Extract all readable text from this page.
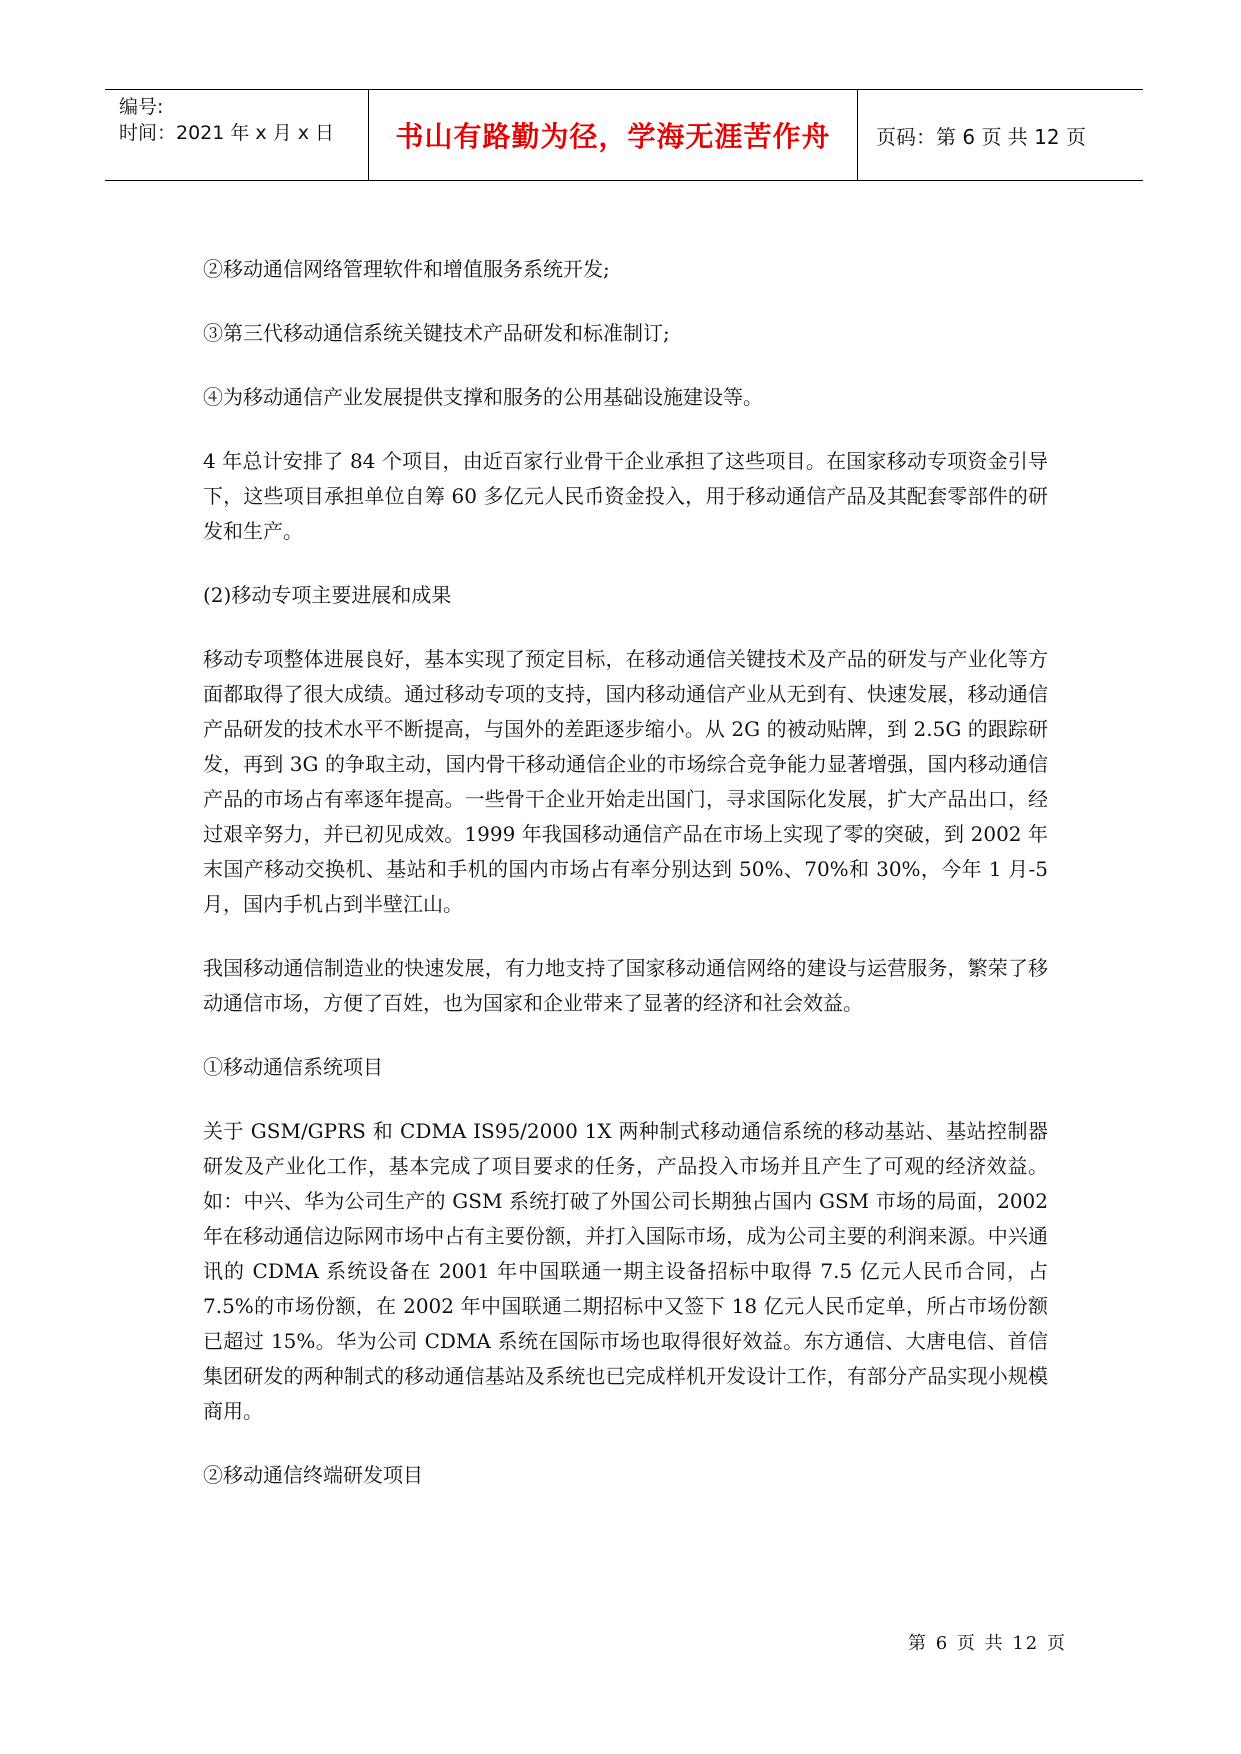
编号:
时间：2021 年 x 月 x 日	书山有路勤为径，学海无涯苦作舟	页码：第 6 页 共 12 页

②移动通信网络管理软件和增值服务系统开发;

③第三代移动通信系统关键技术产品研发和标准制订;

④为移动通信产业发展提供支撑和服务的公用基础设施建设等。

4 年总计安排了 84 个项目，由近百家行业骨干企业承担了这些项目。在国家移动专项资金引导下，这些项目承担单位自筹 60 多亿元人民币资金投入，用于移动通信产品及其配套零部件的研发和生产。

(2)移动专项主要进展和成果

移动专项整体进展良好，基本实现了预定目标，在移动通信关键技术及产品的研发与产业化等方面都取得了很大成绩。通过移动专项的支持，国内移动通信产业从无到有、快速发展，移动通信产品研发的技术水平不断提高，与国外的差距逐步缩小。从 2G 的被动贴牌，到 2.5G 的跟踪研发，再到 3G 的争取主动，国内骨干移动通信企业的市场综合竞争能力显著增强，国内移动通信产品的市场占有率逐年提高。一些骨干企业开始走出国门，寻求国际化发展，扩大产品出口，经过艰辛努力，并已初见成效。1999 年我国移动通信产品在市场上实现了零的突破，到 2002 年末国产移动交换机、基站和手机的国内市场占有率分别达到 50%、70%和 30%，今年 1 月-5 月，国内手机占到半壁江山。

我国移动通信制造业的快速发展，有力地支持了国家移动通信网络的建设与运营服务，繁荣了移动通信市场，方便了百姓，也为国家和企业带来了显著的经济和社会效益。

①移动通信系统项目

关于 GSM/GPRS 和 CDMA IS95/2000 1X 两种制式移动通信系统的移动基站、基站控制器研发及产业化工作，基本完成了项目要求的任务，产品投入市场并且产生了可观的经济效益。如：中兴、华为公司生产的 GSM 系统打破了外国公司长期独占国内 GSM 市场的局面，2002 年在移动通信边际网市场中占有主要份额，并打入国际市场，成为公司主要的利润来源。中兴通讯的 CDMA 系统设备在 2001 年中国联通一期主设备招标中取得 7.5 亿元人民币合同，占 7.5%的市场份额，在 2002 年中国联通二期招标中又签下 18 亿元人民币定单，所占市场份额已超过 15%。华为公司 CDMA 系统在国际市场也取得很好效益。东方通信、大唐电信、首信集团研发的两种制式的移动通信基站及系统也已完成样机开发设计工作，有部分产品实现小规模商用。

②移动通信终端研发项目

第 6 页 共 12 页
